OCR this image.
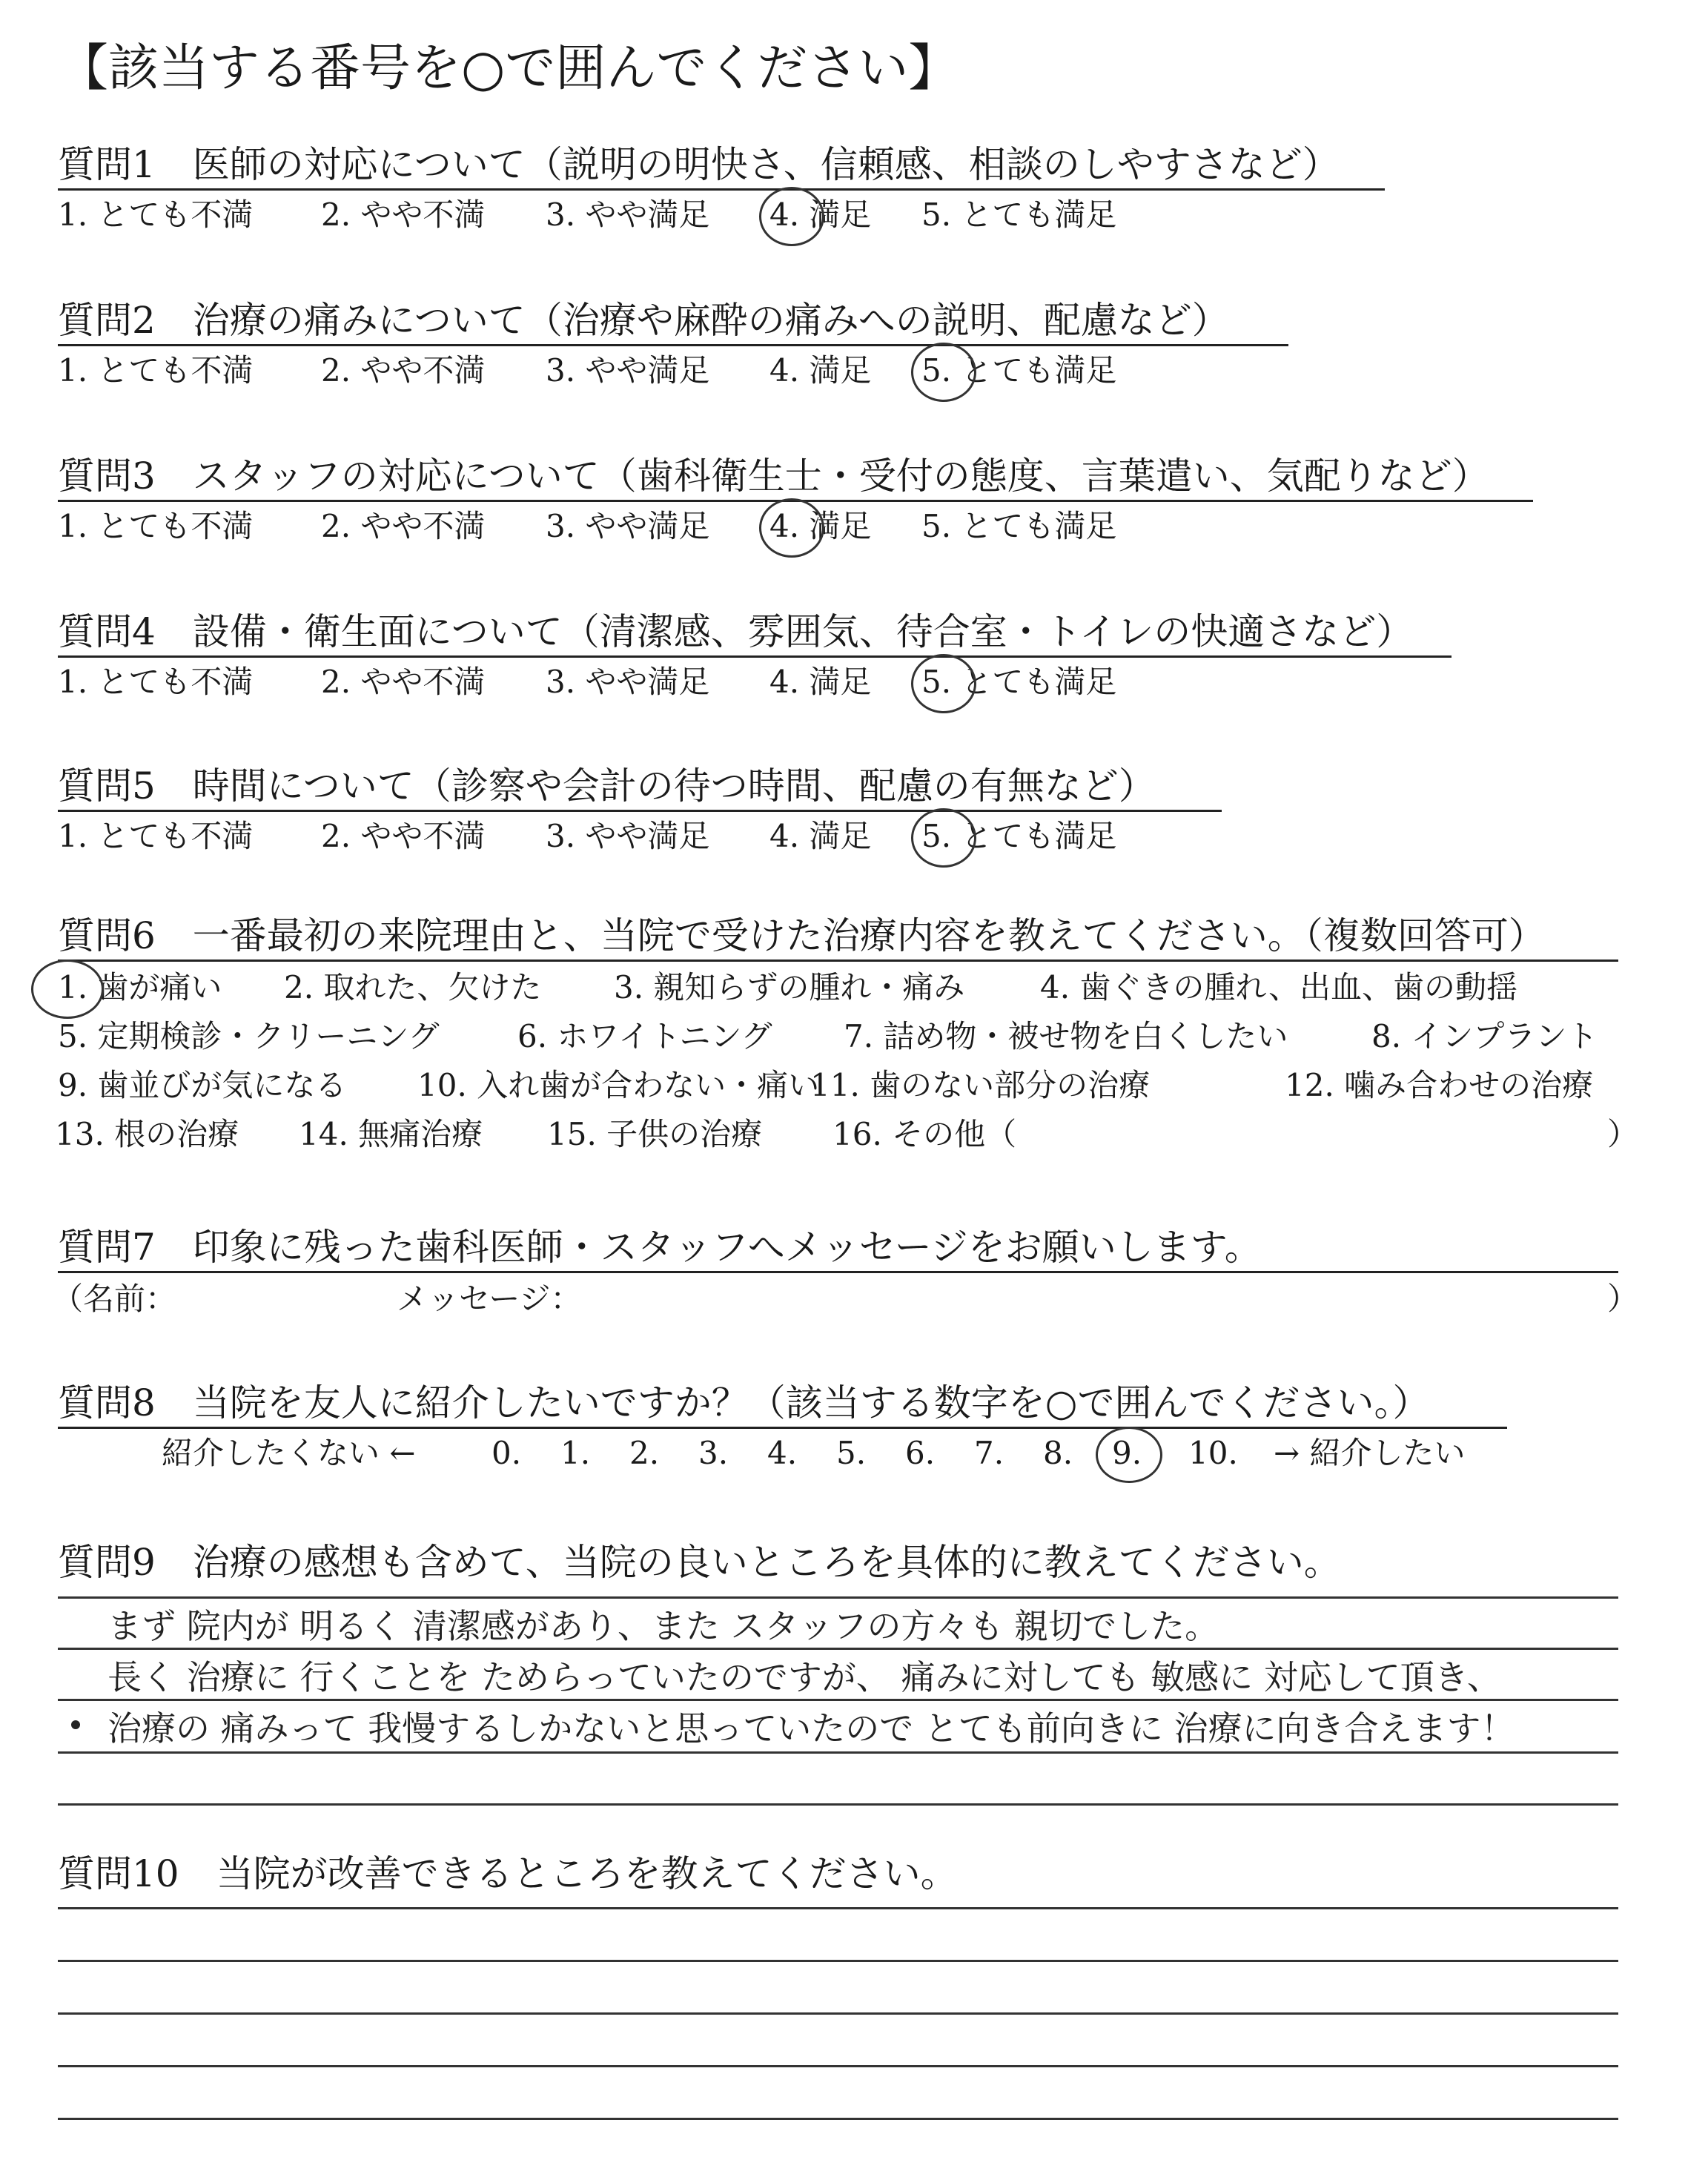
【該当する番号を○で囲んでください】
質問1　医師の対応について（説明の明快さ、信頼感、相談のしやすさなど）
1. とても不満 2. やや不満 3. やや満足 4. 満足 5. とても満足
質問2　治療の痛みについて（治療や麻酔の痛みへの説明、配慮など）
1. とても不満 2. やや不満 3. やや満足 4. 満足 5. とても満足
質問3　スタッフの対応について（歯科衛生士・受付の態度、言葉遣い、気配りなど）
1. とても不満 2. やや不満 3. やや満足 4. 満足 5. とても満足
質問4　設備・衛生面について（清潔感、雰囲気、待合室・トイレの快適さなど）
1. とても不満 2. やや不満 3. やや満足 4. 満足 5. とても満足
質問5　時間について（診察や会計の待つ時間、配慮の有無など）
1. とても不満 2. やや不満 3. やや満足 4. 満足 5. とても満足
質問6　一番最初の来院理由と、当院で受けた治療内容を教えてください。（複数回答可）
1. 歯が痛い 2. 取れた、欠けた 3. 親知らずの腫れ・痛み 4. 歯ぐきの腫れ、出血、歯の動揺
5. 定期検診・クリーニング	6. ホワイトニング 7. 詰め物・被せ物を白くしたい	8. インプラント
9. 歯並びが気になる 10. 入れ歯が合わない・痛い
11. 歯のない部分の治療	12. 噛み合わせの治療
13. 根の治療 14. 無痛治療 15. 子供の治療 16. その他（	）
質問7　印象に残った歯科医師・スタッフへメッセージをお願いします。
（名前：	メッセージ：	）
質問8　当院を友人に紹介したいですか？（該当する数字を○で囲んでください。）
紹介したくない ← 0. 1. 2. 3. 4. 5. 6. 7. 8. 9. 10. → 紹介したい
質問9　治療の感想も含めて、当院の良いところを具体的に教えてください。
まず 院内が 明るく 清潔感があり、また スタッフの方々も 親切でした。
長く 治療に 行くことを ためらっていたのですが、 痛みに対しても 敏感に 対応して頂き、
治療の 痛みって 我慢するしかないと思っていたので とても前向きに 治療に向き合えます！
質問10　当院が改善できるところを教えてください。
